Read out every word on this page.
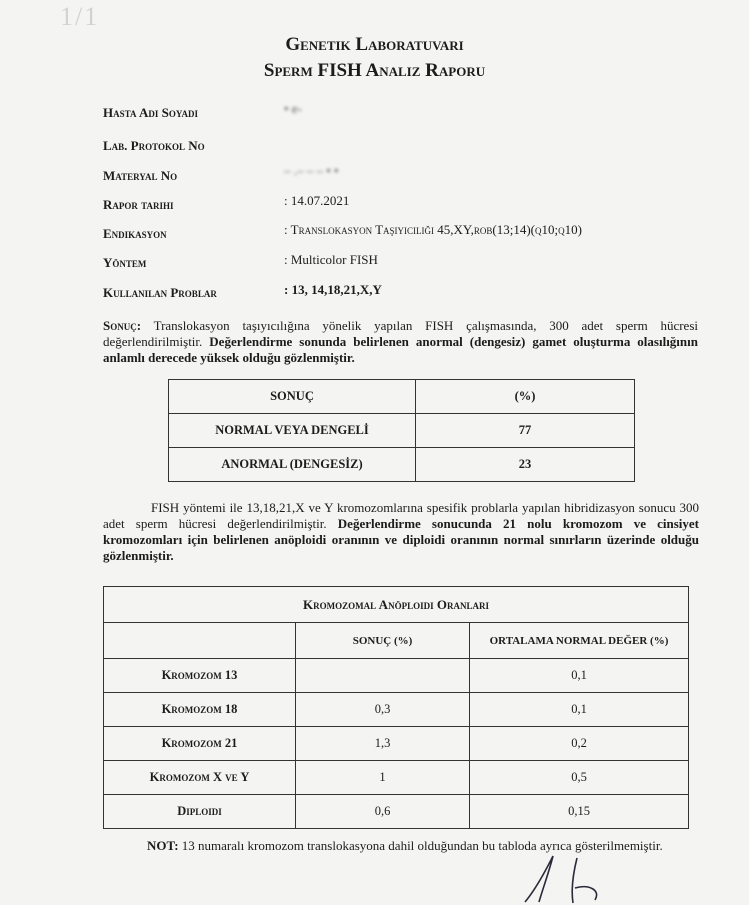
1/1
Genetik Laboratuvari
Sperm FISH Analiz Raporu
Hasta Adı Soyadı	• e-
Lab. Protokol No
Materyal No	– .– – – • •
Rapor tarihi	: 14.07.2021
Endikasyon	: Translokasyon Taşıyıcılığı 45,XY,rob(13;14)(q10;q10)
Yöntem	: Multicolor FISH
Kullanılan Problar	: 13, 14,18,21,X,Y
Sonuç: Translokasyon taşıyıcılığına yönelik yapılan FISH çalışmasında, 300 adet sperm hücresi değerlendirilmiştir. Değerlendirme sonunda belirlenen anormal (dengesiz) gamet oluşturma olasılığının anlamlı derecede yüksek olduğu gözlenmiştir.
SONUÇ	(%)
NORMAL VEYA DENGELİ	77
ANORMAL (DENGESİZ)	23
FISH yöntemi ile 13,18,21,X ve Y kromozomlarına spesifik problarla yapılan hibridizasyon sonucu 300 adet sperm hücresi değerlendirilmiştir. Değerlendirme sonucunda 21 nolu kromozom ve cinsiyet kromozomları için belirlenen anöploidi oranının ve diploidi oranının normal sınırların üzerinde olduğu gözlenmiştir.
Kromozomal Anöploidi Oranları		
	SONUÇ (%)	ORTALAMA NORMAL DEĞER (%)
Kromozom 13		0,1
Kromozom 18	0,3	0,1
Kromozom 21	1,3	0,2
Kromozom X ve Y	1	0,5
Diploidi	0,6	0,15
NOT: 13 numaralı kromozom translokasyona dahil olduğundan bu tabloda ayrıca gösterilmemiştir.
